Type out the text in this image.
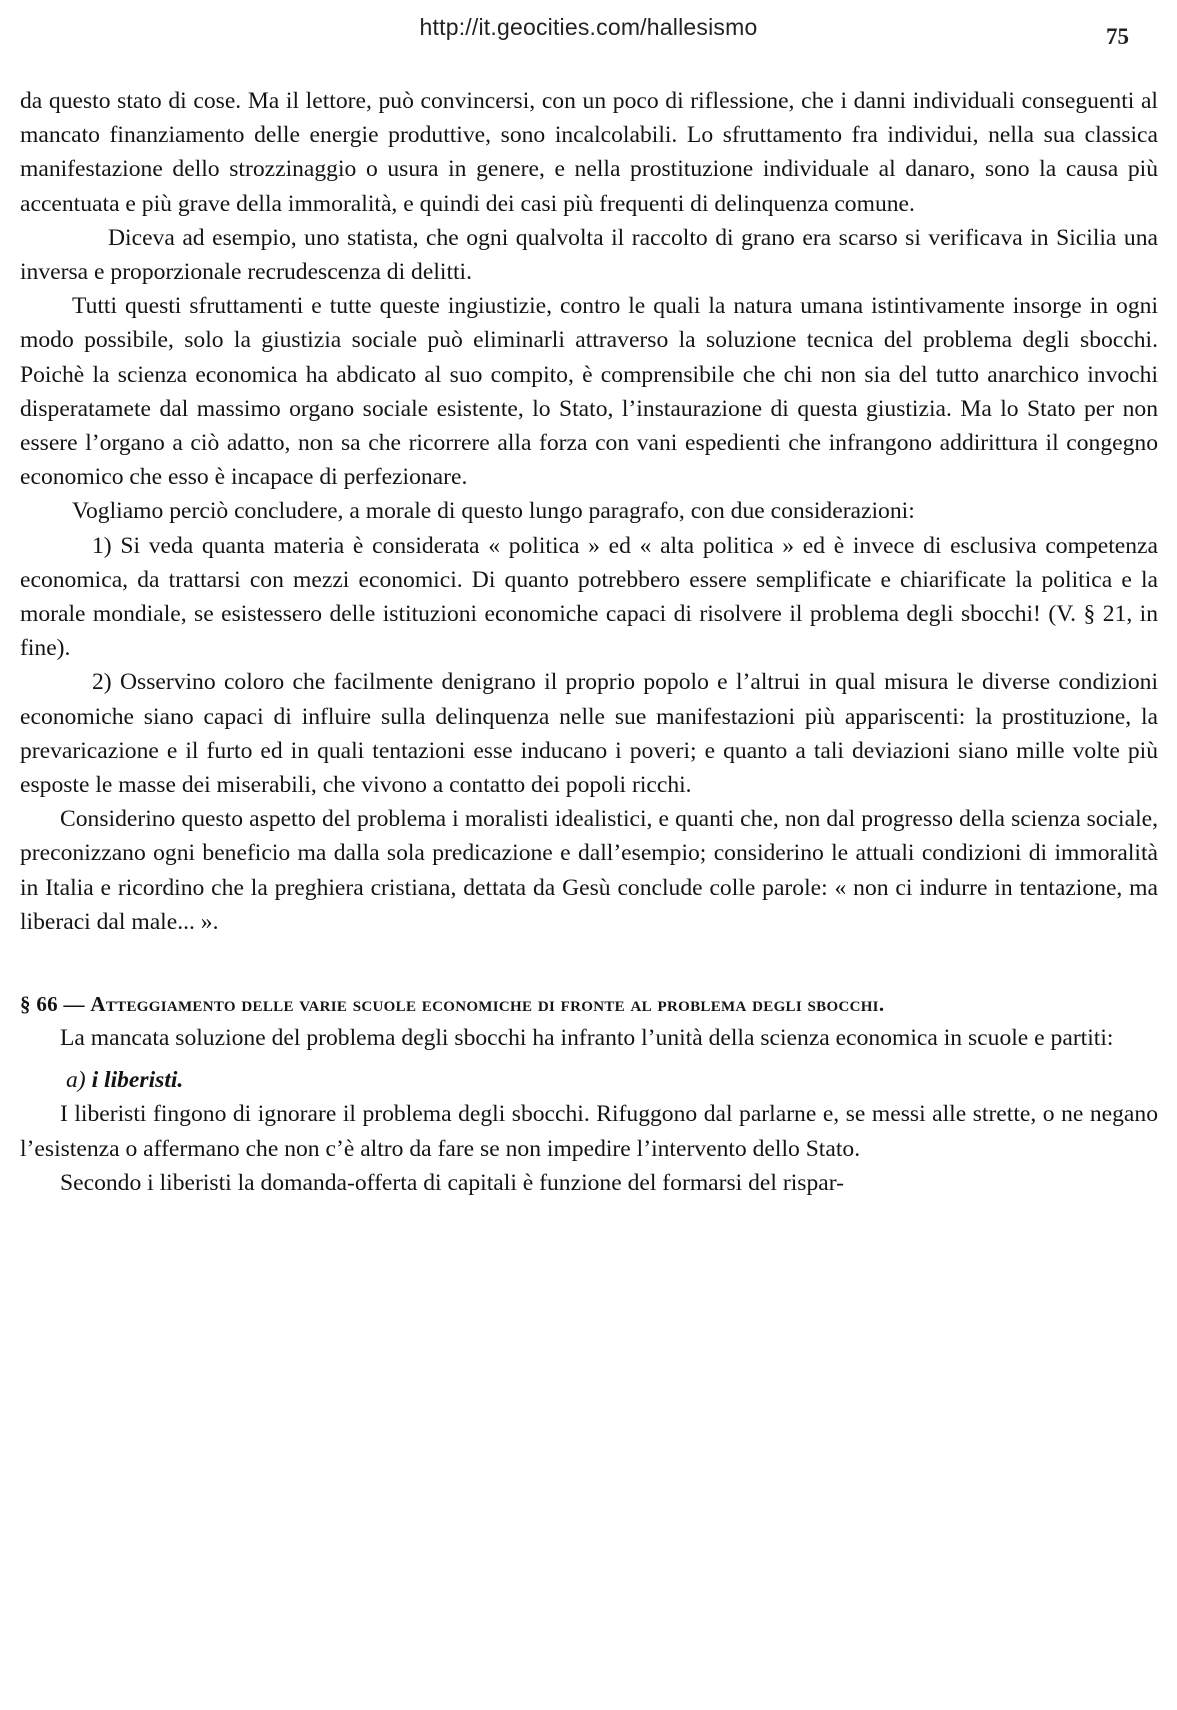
http://it.geocities.com/hallesismo	75

da questo stato di cose. Ma il lettore, può convincersi, con un poco di riflessione, che i danni individuali conseguenti al mancato finanziamento delle energie produttive, sono incalcolabili. Lo sfruttamento fra individui, nella sua classica manifestazione dello strozzinaggio o usura in genere, e nella prostituzione individuale al danaro, sono la causa più accentuata e più grave della immoralità, e quindi dei casi più frequenti di delinquenza comune.

Diceva ad esempio, uno statista, che ogni qualvolta il raccolto di grano era scarso si verificava in Sicilia una inversa e proporzionale recrudescenza di delitti.

Tutti questi sfruttamenti e tutte queste ingiustizie, contro le quali la natura umana istintivamente insorge in ogni modo possibile, solo la giustizia sociale può eliminarli attraverso la soluzione tecnica del problema degli sbocchi. Poichè la scienza economica ha abdicato al suo compito, è comprensibile che chi non sia del tutto anarchico invochi disperatamete dal massimo organo sociale esistente, lo Stato, l’instaurazione di questa giustizia. Ma lo Stato per non essere l’organo a ciò adatto, non sa che ricorrere alla forza con vani espedienti che infrangono addirittura il congegno economico che esso è incapace di perfezionare.

Vogliamo perciò concludere, a morale di questo lungo paragrafo, con due considerazioni:

1) Si veda quanta materia è considerata « politica » ed « alta politica » ed è invece di esclusiva competenza economica, da trattarsi con mezzi economici. Di quanto potrebbero essere semplificate e chiarificate la politica e la morale mondiale, se esistessero delle istituzioni economiche capaci di risolvere il problema degli sbocchi! (V. § 21, in fine).

2) Osservino coloro che facilmente denigrano il proprio popolo e l’altrui in qual misura le diverse condizioni economiche siano capaci di influire sulla delinquenza nelle sue manifestazioni più appariscenti: la prostituzione, la prevaricazione e il furto ed in quali tentazioni esse inducano i poveri; e quanto a tali deviazioni siano mille volte più esposte le masse dei miserabili, che vivono a contatto dei popoli ricchi.

Considerino questo aspetto del problema i moralisti idealistici, e quanti che, non dal progresso della scienza sociale, preconizzano ogni beneficio ma dalla sola predicazione e dall’esempio; considerino le attuali condizioni di immoralità in Italia e ricordino che la preghiera cristiana, dettata da Gesù conclude colle parole: « non ci indurre in tentazione, ma liberaci dal male... ».

§ 66 — Atteggiamento delle varie scuole economiche di fronte al problema degli sbocchi.

La mancata soluzione del problema degli sbocchi ha infranto l’unità della scienza economica in scuole e partiti:

a) i liberisti.

I liberisti fingono di ignorare il problema degli sbocchi. Rifuggono dal parlarne e, se messi alle strette, o ne negano l’esistenza o affermano che non c’è altro da fare se non impedire l’intervento dello Stato.

Secondo i liberisti la domanda-offerta di capitali è funzione del formarsi del rispar-
